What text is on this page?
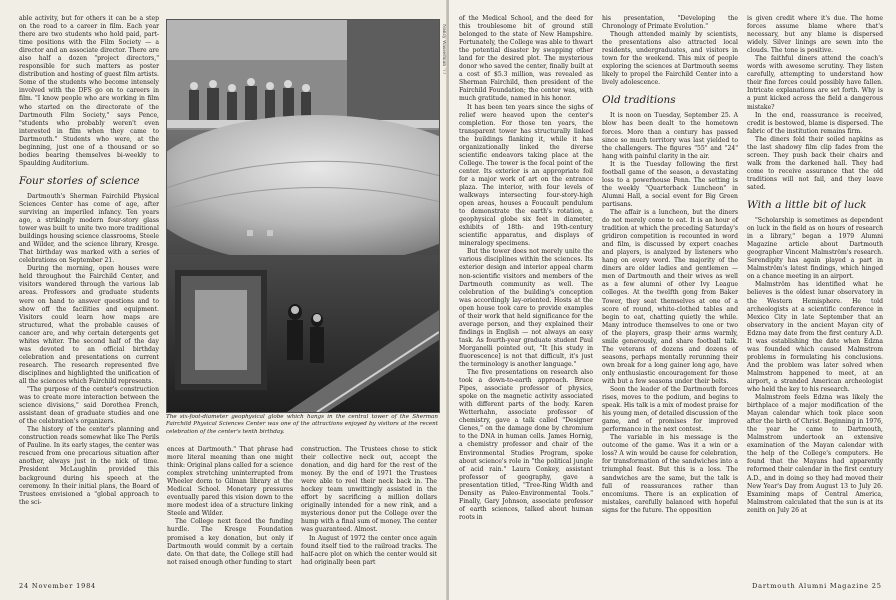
able activity, but for others it can be a step on the road to a career in film. Each year there are two students who hold paid, part-time positions with the Film Society — a director and an associate director. There are also half a dozen "project directors," responsible for such matters as poster distribution and hosting of guest film artists. Some of the students who become intensely involved with the DFS go on to careers in film. "I know people who are working in film who started on the directorate of the Dartmouth Film Society," says Pence, "students who probably weren't even interested in film when they came to Dartmouth." Students who were, at the beginning, just one of a thousand or so bodies bearing themselves bi-weekly to Spaulding Auditorium.

Four stories of science

Dartmouth's Sherman Fairchild Physical Sciences Center has come of age, after surviving an imperiled infancy. Ten years ago, a strikingly modern four-story glass tower was built to unite two more traditional buildings housing science classrooms, Steele and Wilder, and the science library, Kresge. That birthday was marked with a series of celebrations on September 21.

During the morning, open houses were held throughout the Fairchild Center, and visitors wandered through the various lab areas. Professors and graduate students were on hand to answer questions and to show off the facilities and equipment. Visitors could learn how maps are structured, what the probable causes of cancer are, and why certain detergents get whites whiter. The second half of the day was devoted to an official birthday celebration and presentations on current research. The research represented five disciplines and highlighted the unification of all the sciences which Fairchild represents.

"The purpose of the center's construction was to create more interaction between the science divisions," said Dorothea French, assistant dean of graduate studies and one of the celebration's organizers.

The history of the center's planning and construction reads somewhat like The Perils of Pauline. In its early stages, the center was rescued from one precarious situation after another, always just in the nick of time. President McLaughlin provided this background during his speech at the ceremony. In their initial plans, the Board of Trustees envisioned a "global approach to the sci-

Nancy Wasserman '77
The six-foot-diameter geophysical globe which hangs in the central tower of the Sherman Fairchild Physical Sciences Center was one of the attractions enjoyed by visitors at the recent celebration of the center's tenth birthday.

ences at Dartmouth." That phrase had more literal meaning than one might think: Original plans called for a science complex stretching uninterrupted from Wheeler dorm to Gilman library at the Medical School. Monetary pressures eventually pared this vision down to the more modest idea of a structure linking Steele and Wilder.

The College next faced the funding hurdle. The Kresge Foundation promised a key donation, but only if Dartmouth would commit by a certain date. On that date, the College still had not raised enough other funding to start

construction. The Trustees chose to stick their collective neck out, accept the donation, and dig hard for the rest of the money. By the end of 1971 the Trustees were able to reel their neck back in. The hockey team unwittingly assisted in the effort by sacrificing a million dollars originally intended for a new rink, and a mysterious donor put the College over the hump with a final sum of money. The center was guaranteed. Almost.

In August of 1972 the center once again found itself tied to the railroad tracks. The half-acre plot on which the center would sit had originally been part

24 November 1984

of the Medical School, and the deed for this troublesome bit of ground still belonged to the state of New Hampshire. Fortunately, the College was able to thwart the potential disaster by swapping other land for the desired plot. The mysterious donor who saved the center, finally built at a cost of $5.3 million, was revealed as Sherman Fairchild, then president of the Fairchild Foundation; the center was, with much gratitude, named in his honor.

It has been ten years since the sighs of relief were heaved upon the center's completion. For those ten years, the transparent tower has structurally linked the buildings flanking it, while it has organizationally linked the diverse scientific endeavors taking place at the College. The tower is the focal point of the center. Its exterior is an appropriate foil for a major work of art on the entrance plaza. The interior, with four levels of walkways intersecting four-story-high open areas, houses a Foucault pendulum to demonstrate the earth's rotation, a geophysical globe six feet in diameter, exhibits of 18th- and 19th-century scientific apparatus, and displays of mineralogy specimens.

But the tower does not merely unite the various disciplines within the sciences. Its exterior design and interior appeal charm non-scientific visitors and members of the Dartmouth community as well. The celebration of the building's conception was accordingly lay-oriented. Hosts at the open house took care to provide examples of their work that held significance for the average person, and they explained their findings in English — not always an easy task. As fourth-year graduate student Paul Morganelli pointed out, "It [his study in fluorescence] is not that difficult, it's just the terminology is another language."

The five presentations on research also took a down-to-earth approach. Bruce Pipes, associate professor of physics, spoke on the magnetic activity associated with different parts of the body. Karen Wetterhahn, associate professor of chemistry, gave a talk called "Designer Genes," on the damage done by chromium to the DNA in human cells. James Hornig, a chemistry professor and chair of the Environmental Studies Program, spoke about science's role in "the political jungle of acid rain." Laura Conkey, assistant professor of geography, gave a presentation titled, "Tree-Ring Width and Density as Paleo-Environmental Tools." Finally, Gary Johnson, associate professor of earth sciences, talked about human roots in

his presentation, "Developing the Chronology of Primate Evolution."

Though attended mainly by scientists, the presentations also attracted local residents, undergraduates, and visitors in town for the weekend. This mix of people exploring the sciences at Dartmouth seems likely to propel the Fairchild Center into a lively adolescence.

Old traditions

It is noon on Tuesday, September 25. A blow has been dealt to the hometown forces. More than a century has passed since so much territory was last yielded to the challengers. The figures "55" and "24" hang with painful clarity in the air.

It is the Tuesday following the first football game of the season, a devastating loss to a powerhouse Penn. The setting is the weekly "Quarterback Luncheon" in Alumni Hall, a social event for Big Green partisans.

The affair is a luncheon, but the diners do not merely come to eat. It is an hour of tradition at which the preceding Saturday's gridiron competition is recounted in word and film, is discussed by expert coaches and players, is analyzed by listeners who hang on every word. The majority of the diners are older ladies and gentlemen — men of Dartmouth and their wives as well as a few alumni of other Ivy League colleges. At the twelfth gong from Baker Tower, they seat themselves at one of a score of round, white-clothed tables and begin to eat, chatting quietly the while. Many introduce themselves to one or two of the players, grasp their arms warmly, smile generously, and share football talk. The veterans of dozens and dozens of seasons, perhaps mentally rerunning their own break for a long gainer long ago, have only enthusiastic encouragement for those with but a few seasons under their belts.

Soon the leader of the Dartmouth forces rises, moves to the podium, and begins to speak. His talk is a mix of modest praise for his young men, of detailed discussion of the game, and of promises for improved performance in the next contest.

The variable in his message is the outcome of the game. Was it a win or a loss? A win would be cause for celebration, for transformation of the sandwiches into a triumphal feast. But this is a loss. The sandwiches are the same, but the talk is full of reassurances rather than encomiums. There is an explication of mistakes, carefully balanced with hopeful signs for the future. The opposition

is given credit where it's due. The home forces assume blame where that's necessary, but any blame is dispersed widely. Silver linings are sewn into the clouds. The tone is positive.

The faithful diners attend the coach's words with awesome scrutiny. They listen carefully, attempting to understand how their fine forces could possibly have fallen. Intricate explanations are set forth. Why is a punt kicked across the field a dangerous mistake?

In the end, reassurance is received, credit is bestowed, blame is dispersed. The fabric of the institution remains firm.

The diners fold their soiled napkins as the last shadowy film clip fades from the screen. They push back their chairs and walk from the darkened hall. They had come to receive assurance that the old traditions will not fail, and they leave sated.

With a little bit of luck

"Scholarship is sometimes as dependent on luck in the field as on hours of research in a library," began a 1979 Alumni Magazine article about Dartmouth geographer Vincent Malmström's research. Serendipity has again played a part in Malmström's latest findings, which hinged on a chance meeting in an airport.

Malmström has identified what he believes is the oldest lunar observatory in the Western Hemisphere. He told archeologists at a scientific conference in Mexico City in late September that an observatory in the ancient Mayan city of Edzna may date from the first century A.D. It was establishing the date when Edzna was founded which caused Malmstrom problems in formulating his conclusions. And the problem was later solved when Malmstrom happened to meet, at an airport, a stranded American archeologist who held the key to his research.

Malmstrom feels Edzna was likely the birthplace of a major modification of the Mayan calendar which took place soon after the birth of Christ. Beginning in 1976, the year he came to Dartmouth, Malmstrom undertook an extensive examination of the Mayan calendar with the help of the College's computers. He found that the Mayans had apparently reformed their calendar in the first century A.D., and in doing so they had moved their New Year's Day from August 13 to July 26. Examining maps of Central America, Malmstrom calculated that the sun is at its zenith on July 26 at

Dartmouth Alumni Magazine 25
